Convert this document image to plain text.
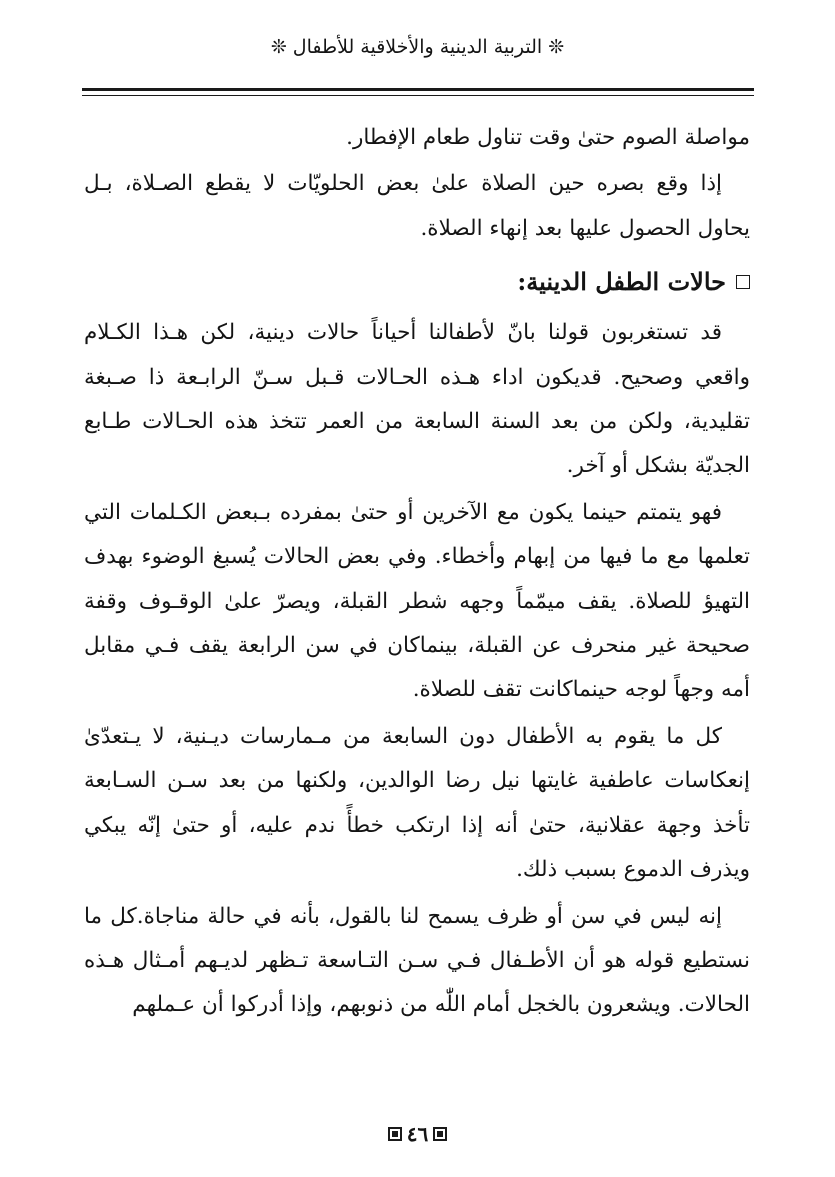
❊ التربية الدينية والأخلاقية للأطفال ❊

مواصلة الصوم حتىٰ وقت تناول طعام الإفطار.

إذا وقع بصره حين الصلاة علىٰ بعض الحلويّات لا يقطع الصـلاة، بـل يحاول الحصول عليها بعد إنهاء الصلاة.

حالات الطفل الدينية:

قد تستغربون قولنا بانّ لأطفالنا أحياناً حالات دينية، لكن هـذا الكـلام واقعي وصحيح. قديكون اداء هـذه الحـالات قـبل سـنّ الرابـعة ذا صـبغة تقليدية، ولكن من بعد السنة السابعة من العمر تتخذ هذه الحـالات طـابع الجديّة بشكل أو آخر.

فهو يتمتم حينما يكون مع الآخرين أو حتىٰ بمفرده بـبعض الكـلمات التي تعلمها مع ما فيها من إبهام وأخطاء. وفي بعض الحالات يُسبغ الوضوء بهدف التهيؤ للصلاة. يقف ميمّماً وجهه شطر القبلة، ويصرّ علىٰ الوقـوف وقفة صحيحة غير منحرف عن القبلة، بينماكان في سن الرابعة يقف فـي مقابل أمه وجهاً لوجه حينماكانت تقف للصلاة.

كل ما يقوم به الأطفال دون السابعة من مـمارسات ديـنية، لا يـتعدّىٰ إنعكاسات عاطفية غايتها نيل رضا الوالدين، ولكنها من بعد سـن السـابعة تأخذ وجهة عقلانية، حتىٰ أنه إذا ارتكب خطأً ندم عليه، أو حتىٰ إنّه يبكي ويذرف الدموع بسبب ذلك.

إنه ليس في سن أو ظرف يسمح لنا بالقول، بأنه في حالة مناجاة.كل ما نستطيع قوله هو أن الأطـفال فـي سـن التـاسعة تـظهر لديـهم أمـثال هـذه الحالات. ويشعرون بالخجل أمام اللّٰه من ذنوبهم، وإذا أدركوا أن عـملهم

٤٦
